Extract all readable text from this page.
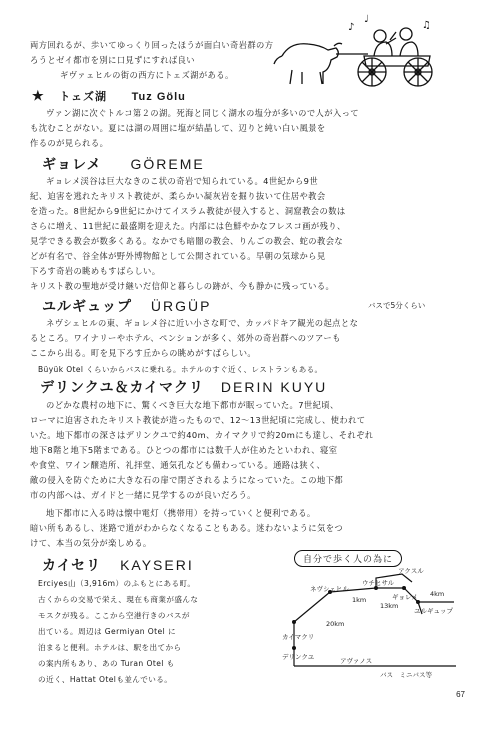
♪	♫
♩
両方回れるが、歩いてゆっくり回ったほうが面白い奇岩群の方
ろうとゼイ都市を別に口見ずにすれば良い
ギヴァェヒルの街の西方にトェズ湖がある。
★ トェズ湖 Tuz Gölu
ヴァン湖に次ぐトルコ第２の湖。死海と同じく湖水の塩分が多いので人が入って
も沈むことがない。夏には湖の周囲に塩が結晶して、辺りと純い白い風景を
作るのが見られる。
ギョレメ GÖREME
ギョレメ渓谷は巨大なきのこ状の奇岩で知られている。4世紀から9世
紀、迫害を逃れたキリスト教徒が、柔らかい凝灰岩を掘り抜いて住居や教会
を造った。8世紀から9世紀にかけてイスラム教徒が侵入すると、洞窟教会の数は
さらに増え、11世紀に最盛期を迎えた。内部には色鮮やかなフレスコ画が残り、
見学できる教会が数多くある。なかでも暗闇の教会、りんごの教会、蛇の教会な
どが有名で、谷全体が野外博物館として公開されている。早朝の気球から見
下ろす奇岩の眺めもすばらしい。
キリスト教の聖地が受け継いだ信仰と暮らしの跡が、今も静かに残っている。
ユルギュップ ÜRGÜP	バスで5分くらい
ネヴシェヒルの東、ギョレメ谷に近い小さな町で、カッパドキア観光の起点とな
るところ。ワイナリーやホテル、ペンションが多く、郊外の奇岩群へのツアーも
ここから出る。町を見下ろす丘からの眺めがすばらしい。
Büyük Otel くらいからバスに乗れる。ホテルのすぐ近く、レストランもある。
デリンクユ＆カイマクリ DERIN KUYU
のどかな農村の地下に、驚くべき巨大な地下都市が眠っていた。7世紀頃、
ローマに迫害されたキリスト教徒が造ったもので、12～13世紀頃に完成し、使われて
いた。地下都市の深さはデリンクユで約40m、カイマクリで約20mにも達し、それぞれ
地下8階と地下5階まである。ひとつの都市には数千人が住めたといわれ、寝室
や食堂、ワイン醸造所、礼拝堂、通気孔なども備わっている。通路は狭く、
敵の侵入を防ぐために大きな石の扉で閉ざされるようになっていた。この地下都
市の内部へは、ガイドと一緒に見学するのが良いだろう。
地下都市に入る時は懐中電灯（携帯用）を持っていくと便利である。
暗い所もあるし、迷路で道がわからなくなることもある。迷わないように気をつ
けて、本当の気分が楽しめる。
カイセリ KAYSERI
Erciyes山（3,916m）のふもとにある町。
古くからの交易で栄え、現在も商業が盛んな
モスクが残る。ここから空港行きのバスが
出ている。周辺は Germiyan Otel に
泊まると便利。ホテルは、駅を出てから
の案内所もあり、あの Turan Otel も
の近く、Hattat Otelも並んでいる。
自分で歩く人の為に
アクスル
ネヴシェヒル
ウチヒサル
ギョレメ
ユルギュップ
20km
13km
4km
1km
カイマクリ
デリンクユ	アヴァノス
バス　ミニバス等
67
